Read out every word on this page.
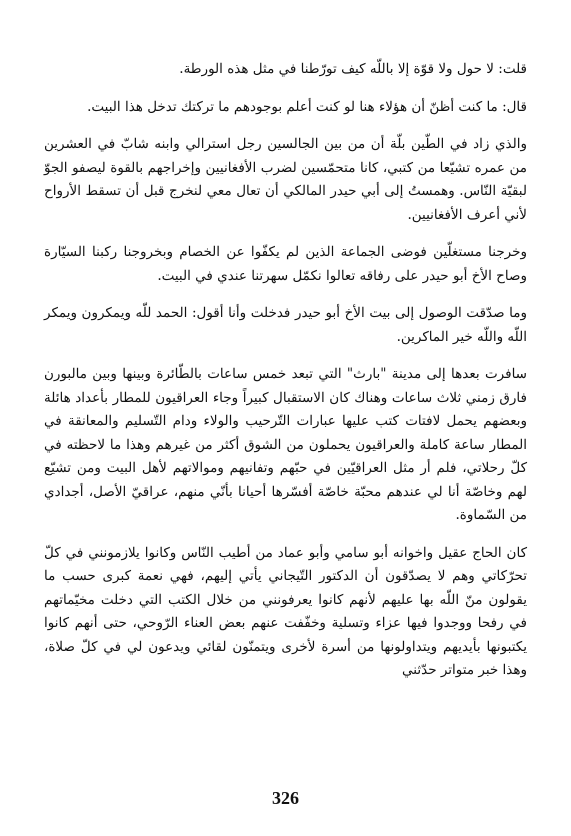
قلت: لا حول ولا قوّة إلا باللّه كيف تورّطنا في مثل هذه الورطة.

قال: ما كنت أظنّ أن هؤلاء هنا لو كنت أعلم بوجودهم ما تركتك تدخل هذا البيت.

والذي زاد في الطّين بلّة أن من بين الجالسين رجل استرالي وابنه شابّ في العشرين من عمره تشيّعا من كتبي، كانا متحمّسين لضرب الأفغانيين وإخراجهم بالقوة ليصفو الجوّ لبقيّة النّاس. وهمستُ إلى أبي حيدر المالكي أن تعال معي لنخرج قبل أن تسقط الأرواح لأني أعرف الأفغانيين.

وخرجنا مستغلّين فوضى الجماعة الذين لم يكفّوا عن الخصام وبخروجنا ركبنا السيّارة وصاح الأخ أبو حيدر على رفاقه تعالوا نكمّل سهرتنا عندي في البيت.

وما صدّقت الوصول إلى بيت الأخ أبو حيدر فدخلت وأنا أقول: الحمد للّه ويمكرون ويمكر اللّه واللّه خير الماكرين.

سافرت بعدها إلى مدينة "بارث" التي تبعد خمس ساعات بالطّائرة وبينها وبين مالبورن فارق زمني ثلاث ساعات وهناك كان الاستقبال كبيراً وجاء العراقيون للمطار بأعداد هائلة وبعضهم يحمل لافتات كتب عليها عبارات التّرحيب والولاء ودام التّسليم والمعانقة في المطار ساعة كاملة والعراقيون يحملون من الشوق أكثر من غيرهم وهذا ما لاحظته في كلّ رحلاتي، فلم أر مثل العراقيّين في حبّهم وتفانيهم وموالاتهم لأهل البيت ومن تشيّع لهم وخاصّة أنا لي عندهم محبّة خاصّة أفسّرها أحيانا بأنّي منهم، عراقيّ الأصل، أجدادي من السّماوة.

كان الحاج عقيل واخوانه أبو سامي وأبو عماد من أطيب النّاس وكانوا يلازمونني في كلّ تحرّكاتي وهم لا يصدّقون أن الدكتور التّيجاني يأتي إليهم، فهي نعمة كبرى حسب ما يقولون منّ اللّه بها عليهم لأنهم كانوا يعرفونني من خلال الكتب التي دخلت مخيّماتهم في رفحا ووجدوا فيها عزاء وتسلية وخفّفت عنهم بعض العناء الرّوحي، حتى أنهم كانوا يكتبونها بأيديهم ويتداولونها من أسرة لأخرى ويتمنّون لقائي ويدعون لي في كلّ صلاة، وهذا خبر متواتر حدّثني

326
